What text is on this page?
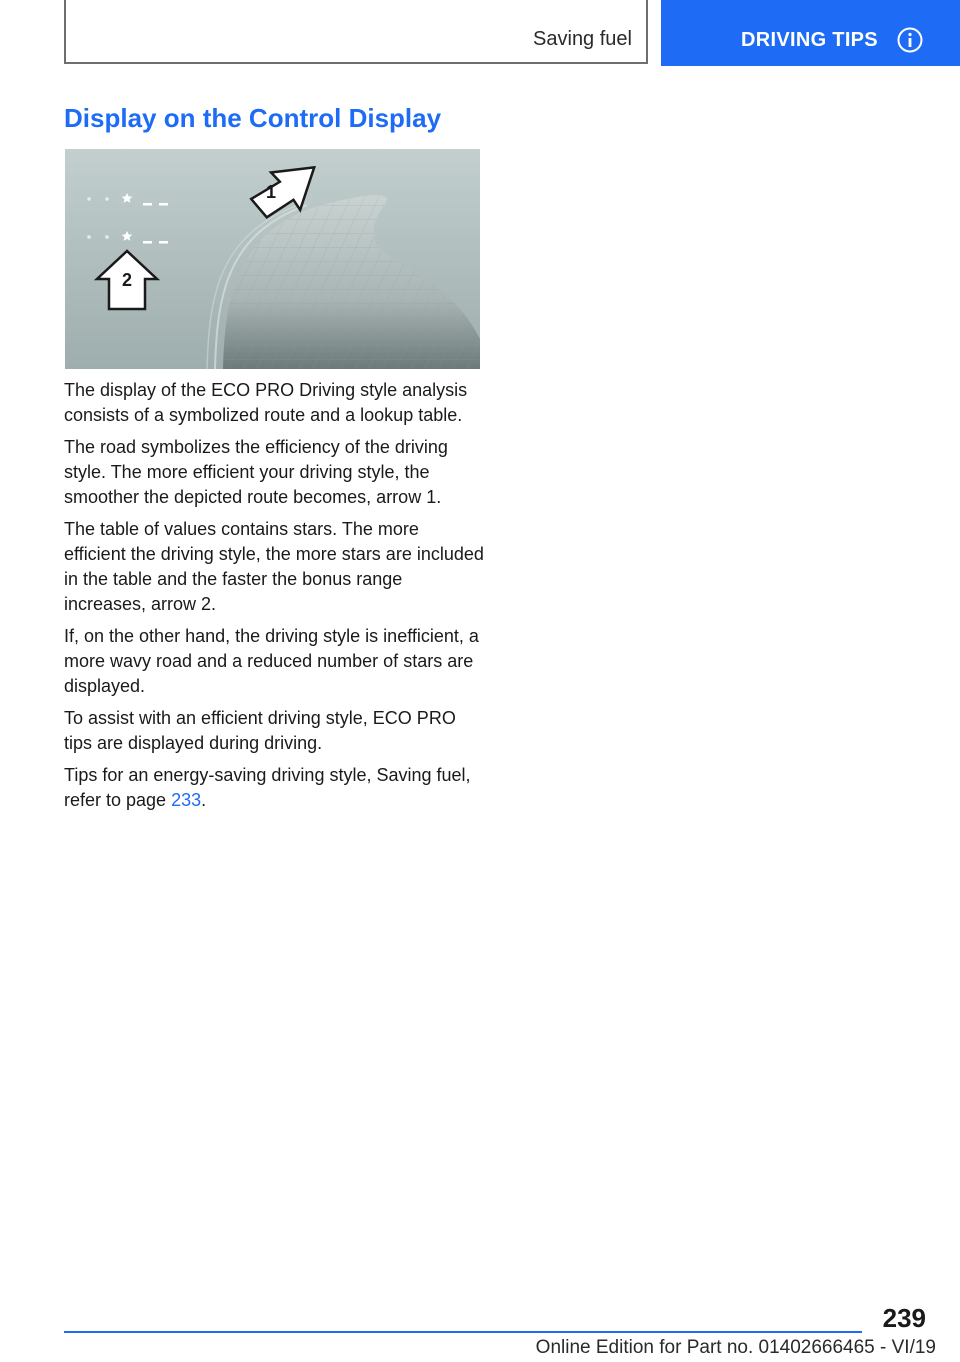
Saving fuel	DRIVING TIPS
Display on the Control Display
1
2

The display of the ECO PRO Driving style analysis consists of a symbolized route and a lookup table.

The road symbolizes the efficiency of the driving style. The more efficient your driving style, the smoother the depicted route becomes, arrow 1.

The table of values contains stars. The more efficient the driving style, the more stars are included in the table and the faster the bonus range increases, arrow 2.

If, on the other hand, the driving style is inefficient, a more wavy road and a reduced number of stars are displayed.

To assist with an efficient driving style, ECO PRO tips are displayed during driving.

Tips for an energy-saving driving style, Saving fuel, refer to page 233.

239
Online Edition for Part no. 01402666465 - VI/19
